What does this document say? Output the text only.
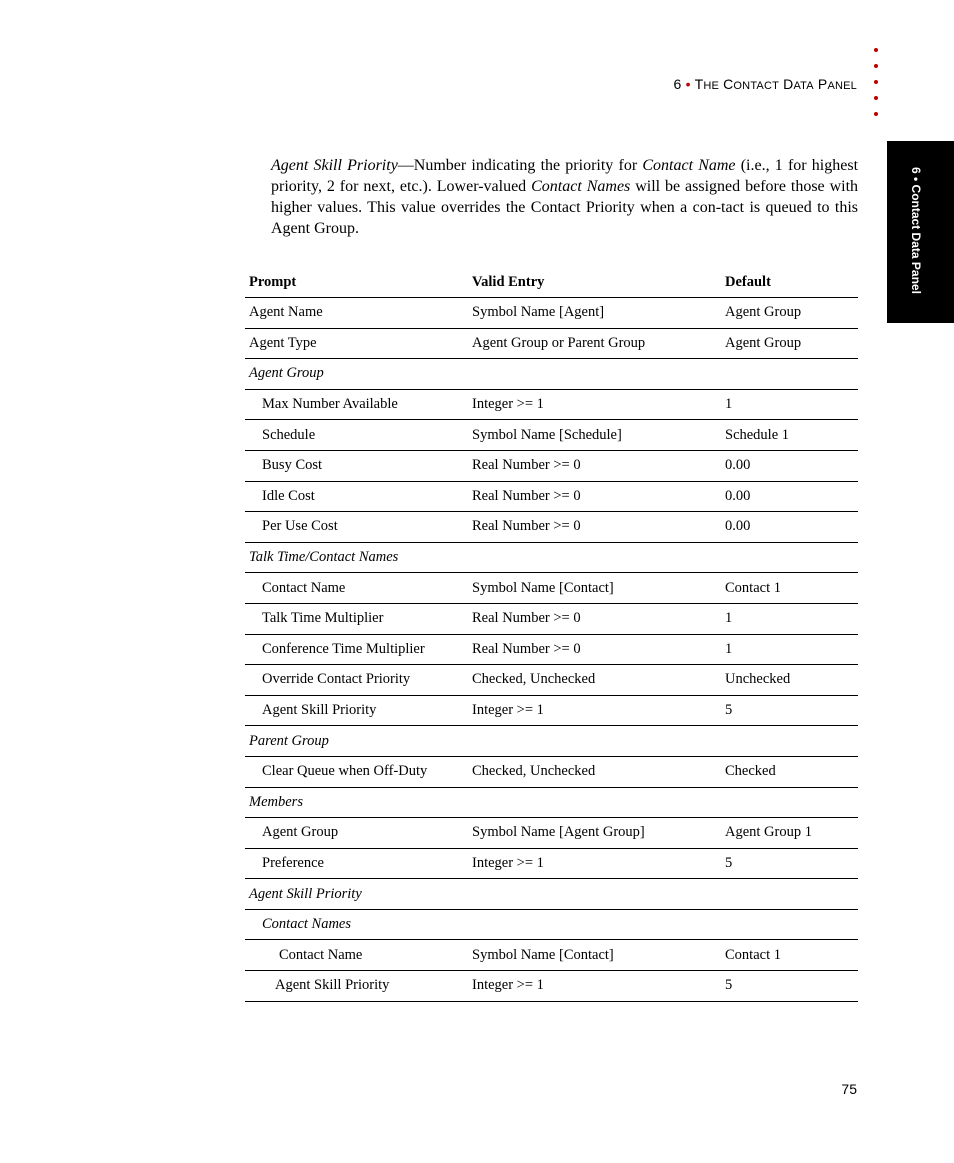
6 • THE CONTACT DATA PANEL
6 • Contact Data Panel

Agent Skill Priority—Number indicating the priority for Contact Name (i.e., 1 for highest priority, 2 for next, etc.). Lower-valued Contact Names will be assigned before those with higher values. This value overrides the Contact Priority when a con-tact is queued to this Agent Group.

Prompt	Valid Entry	Default
Agent Name	Symbol Name [Agent]	Agent Group
Agent Type	Agent Group or Parent Group	Agent Group
Agent Group		
Max Number Available	Integer >= 1	1
Schedule	Symbol Name [Schedule]	Schedule 1
Busy Cost	Real Number >= 0	0.00
Idle Cost	Real Number >= 0	0.00
Per Use Cost	Real Number >= 0	0.00
Talk Time/Contact Names		
Contact Name	Symbol Name [Contact]	Contact 1
Talk Time Multiplier	Real Number >= 0	1
Conference Time Multiplier	Real Number >= 0	1
Override Contact Priority	Checked, Unchecked	Unchecked
Agent Skill Priority	Integer >= 1	5
Parent Group		
Clear Queue when Off-Duty	Checked, Unchecked	Checked
Members		
Agent Group	Symbol Name [Agent Group]	Agent Group 1
Preference	Integer >= 1	5
Agent Skill Priority		
Contact Names		
Contact Name	Symbol Name [Contact]	Contact 1
Agent Skill Priority	Integer >= 1	5
75
